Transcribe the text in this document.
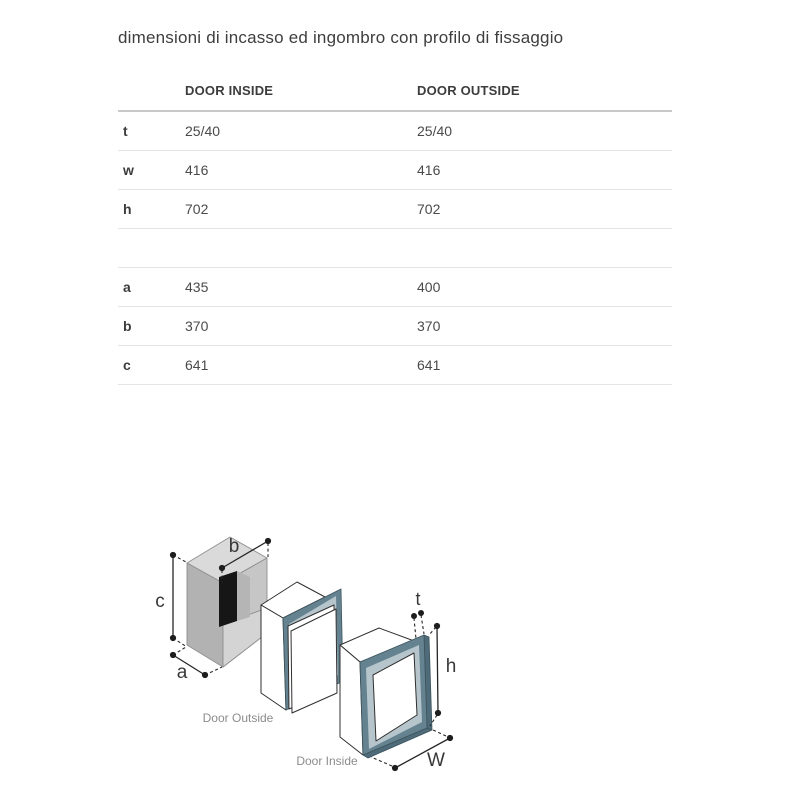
dimensioni di incasso ed ingombro con profilo di fissaggio
	DOOR INSIDE	DOOR OUTSIDE
t	25/40	25/40
w	416	416
h	702	702

a	435	400
b	370	370
c	641	641
c
b
a
Door Outside
Door Inside
t
h
W
